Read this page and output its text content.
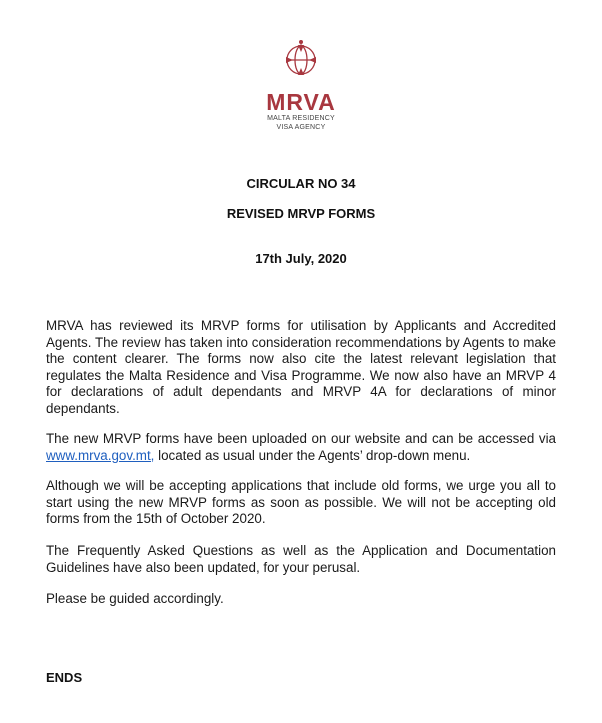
MRVA
MALTA RESIDENCY
VISA AGENCY
CIRCULAR NO 34
REVISED MRVP FORMS
17th July, 2020

MRVA has reviewed its MRVP forms for utilisation by Applicants and Accredited Agents. The review has taken into consideration recommendations by Agents to make the content clearer. The forms now also cite the latest relevant legislation that regulates the Malta Residence and Visa Programme. We now also have an MRVP 4 for declarations of adult dependants and MRVP 4A for declarations of minor dependants.

The new MRVP forms have been uploaded on our website and can be accessed via www.mrva.gov.mt, located as usual under the Agents’ drop-down menu.

Although we will be accepting applications that include old forms, we urge you all to start using the new MRVP forms as soon as possible. We will not be accepting old forms from the 15th of October 2020.

The Frequently Asked Questions as well as the Application and Documentation Guidelines have also been updated, for your perusal.

Please be guided accordingly.

ENDS
